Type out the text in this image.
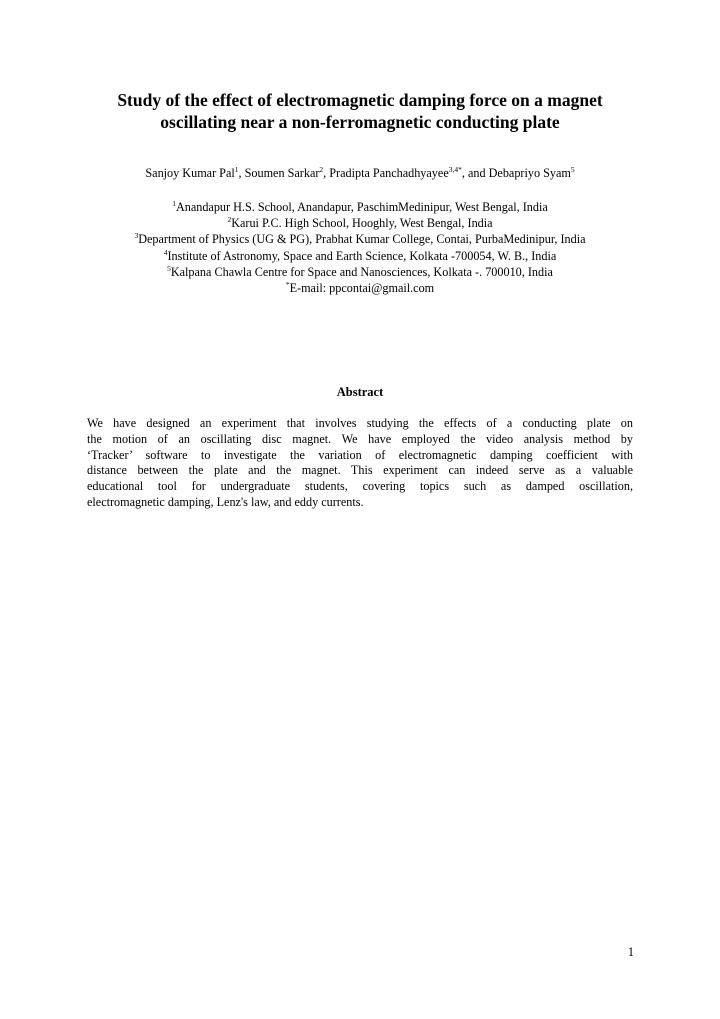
Study of the effect of electromagnetic damping force on a magnet
oscillating near a non-ferromagnetic conducting plate
Sanjoy Kumar Pal$^1$, Soumen Sarkar$^2$, Pradipta Panchadhyayee$^{3,4*}$, and Debapriyo Syam$^5$
$^1$Anandapur H.S. School, Anandapur, PaschimMedinipur, West Bengal, India
$^2$Karui P.C. High School, Hooghly, West Bengal, India
$^3$Department of Physics (UG & PG), Prabhat Kumar College, Contai, PurbaMedinipur, India
$^4$Institute of Astronomy, Space and Earth Science, Kolkata -700054, W. B., India
$^5$Kalpana Chawla Centre for Space and Nanosciences, Kolkata -. 700010, India
*E-mail: ppcontai@gmail.com
Abstract
We have designed an experiment that involves studying the effects of a conducting plate on
the motion of an oscillating disc magnet. We have employed the video analysis method by
‘Tracker’ software to investigate the variation of electromagnetic damping coefficient with
distance between the plate and the magnet. This experiment can indeed serve as a valuable
educational tool for undergraduate students, covering topics such as damped oscillation,
electromagnetic damping, Lenz's law, and eddy currents.
1
